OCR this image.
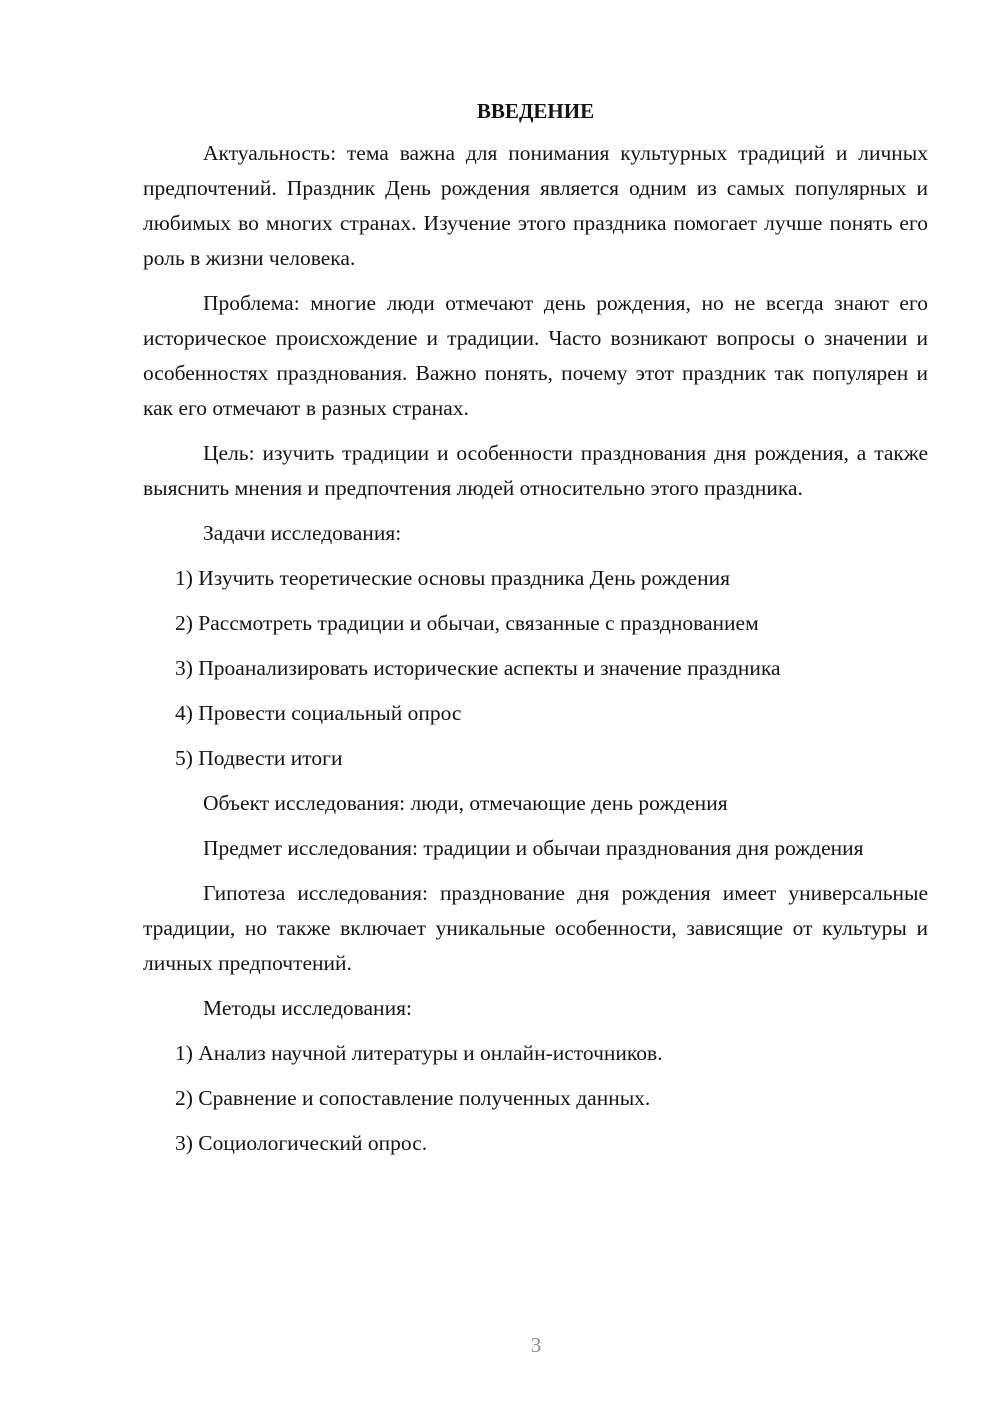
ВВЕДЕНИЕ
Актуальность: тема важна для понимания культурных традиций и личных предпочтений. Праздник День рождения является одним из самых популярных и любимых во многих странах. Изучение этого праздника помогает лучше понять его роль в жизни человека.
Проблема: многие люди отмечают день рождения, но не всегда знают его историческое происхождение и традиции. Часто возникают вопросы о значении и особенностях празднования. Важно понять, почему этот праздник так популярен и как его отмечают в разных странах.
Цель: изучить традиции и особенности празднования дня рождения, а также выяснить мнения и предпочтения людей относительно этого праздника.
Задачи исследования:
1) Изучить теоретические основы праздника День рождения
2) Рассмотреть традиции и обычаи, связанные с празднованием
3) Проанализировать исторические аспекты и значение праздника
4) Провести социальный опрос
5) Подвести итоги
Объект исследования: люди, отмечающие день рождения
Предмет исследования: традиции и обычаи празднования дня рождения
Гипотеза исследования: празднование дня рождения имеет универсальные традиции, но также включает уникальные особенности, зависящие от культуры и личных предпочтений.
Методы исследования:
1) Анализ научной литературы и онлайн-источников.
2) Сравнение и сопоставление полученных данных.
3) Социологический опрос.
3
